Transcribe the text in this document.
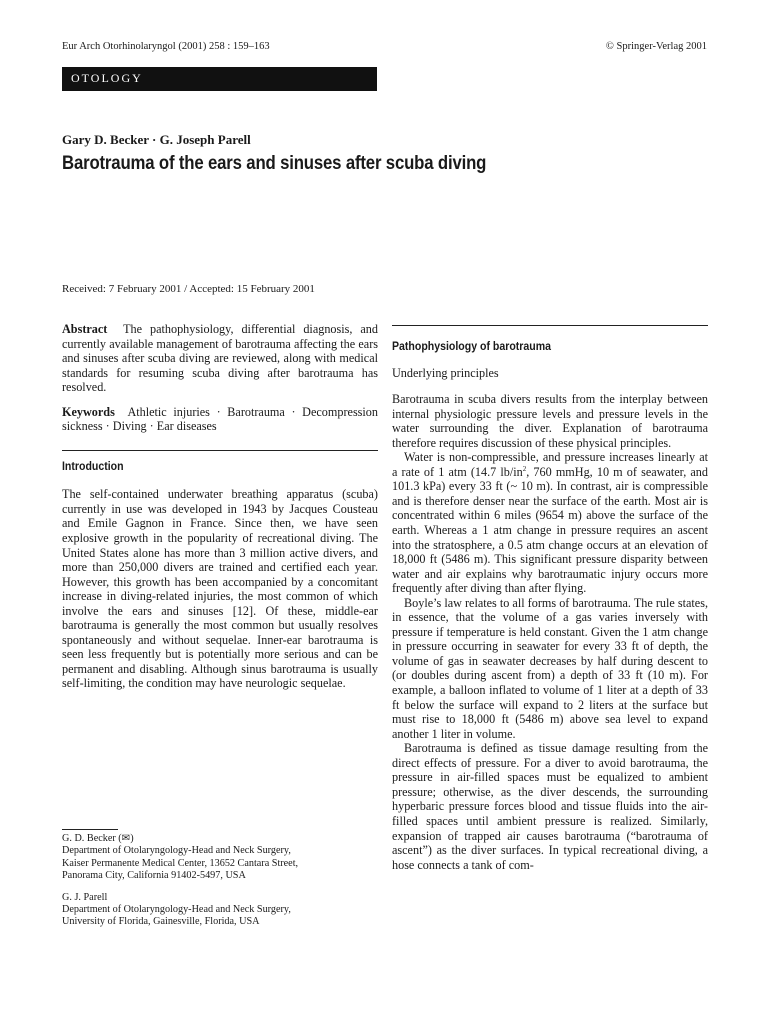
Eur Arch Otorhinolaryngol (2001) 258 : 159–163	© Springer-Verlag 2001
OTOLOGY
Gary D. Becker · G. Joseph Parell
Barotrauma of the ears and sinuses after scuba diving
Received: 7 February 2001 / Accepted: 15 February 2001

Abstract The pathophysiology, differential diagnosis, and currently available management of barotrauma affecting the ears and sinuses after scuba diving are reviewed, along with medical standards for resuming scuba diving after barotrauma has resolved.

Keywords Athletic injuries · Barotrauma · Decompression sickness · Diving · Ear diseases

Introduction

The self-contained underwater breathing apparatus (scuba) currently in use was developed in 1943 by Jacques Cousteau and Emile Gagnon in France. Since then, we have seen explosive growth in the popularity of recreational diving. The United States alone has more than 3 million active divers, and more than 250,000 divers are trained and certified each year. However, this growth has been accompanied by a concomitant increase in diving-related injuries, the most common of which involve the ears and sinuses [12]. Of these, middle-ear barotrauma is generally the most common but usually resolves spontaneously and without sequelae. Inner-ear barotrauma is seen less frequently but is potentially more serious and can be permanent and disabling. Although sinus barotrauma is usually self-limiting, the condition may have neurologic sequelae.

G. D. Becker (✉)

Department of Otolaryngology-Head and Neck Surgery,

Kaiser Permanente Medical Center, 13652 Cantara Street,

Panorama City, California 91402-5497, USA

G. J. Parell

Department of Otolaryngology-Head and Neck Surgery,

University of Florida, Gainesville, Florida, USA

Pathophysiology of barotrauma

Underlying principles

Barotrauma in scuba divers results from the interplay between internal physiologic pressure levels and pressure levels in the water surrounding the diver. Explanation of barotrauma therefore requires discussion of these physical principles.

Water is non-compressible, and pressure increases linearly at a rate of 1 atm (14.7 $lb/in^2$, 760 mmHg, 10 m of seawater, and 101.3 kPa) every 33 ft (~ 10 m). In contrast, air is compressible and is therefore denser near the surface of the earth. Most air is concentrated within 6 miles (9654 m) above the surface of the earth. Whereas a 1 atm change in pressure requires an ascent into the stratosphere, a 0.5 atm change occurs at an elevation of 18,000 ft (5486 m). This significant pressure disparity between water and air explains why barotraumatic injury occurs more frequently after diving than after flying.

Boyle’s law relates to all forms of barotrauma. The rule states, in essence, that the volume of a gas varies inversely with pressure if temperature is held constant. Given the 1 atm change in pressure occurring in seawater for every 33 ft of depth, the volume of gas in seawater decreases by half during descent to (or doubles during ascent from) a depth of 33 ft (10 m). For example, a balloon inflated to volume of 1 liter at a depth of 33 ft below the surface will expand to 2 liters at the surface but must rise to 18,000 ft (5486 m) above sea level to expand another 1 liter in volume.

Barotrauma is defined as tissue damage resulting from the direct effects of pressure. For a diver to avoid barotrauma, the pressure in air-filled spaces must be equalized to ambient pressure; otherwise, as the diver descends, the surrounding hyperbaric pressure forces blood and tissue fluids into the air-filled spaces until ambient pressure is realized. Similarly, expansion of trapped air causes barotrauma (“barotrauma of ascent”) as the diver surfaces. In typical recreational diving, a hose connects a tank of com-
